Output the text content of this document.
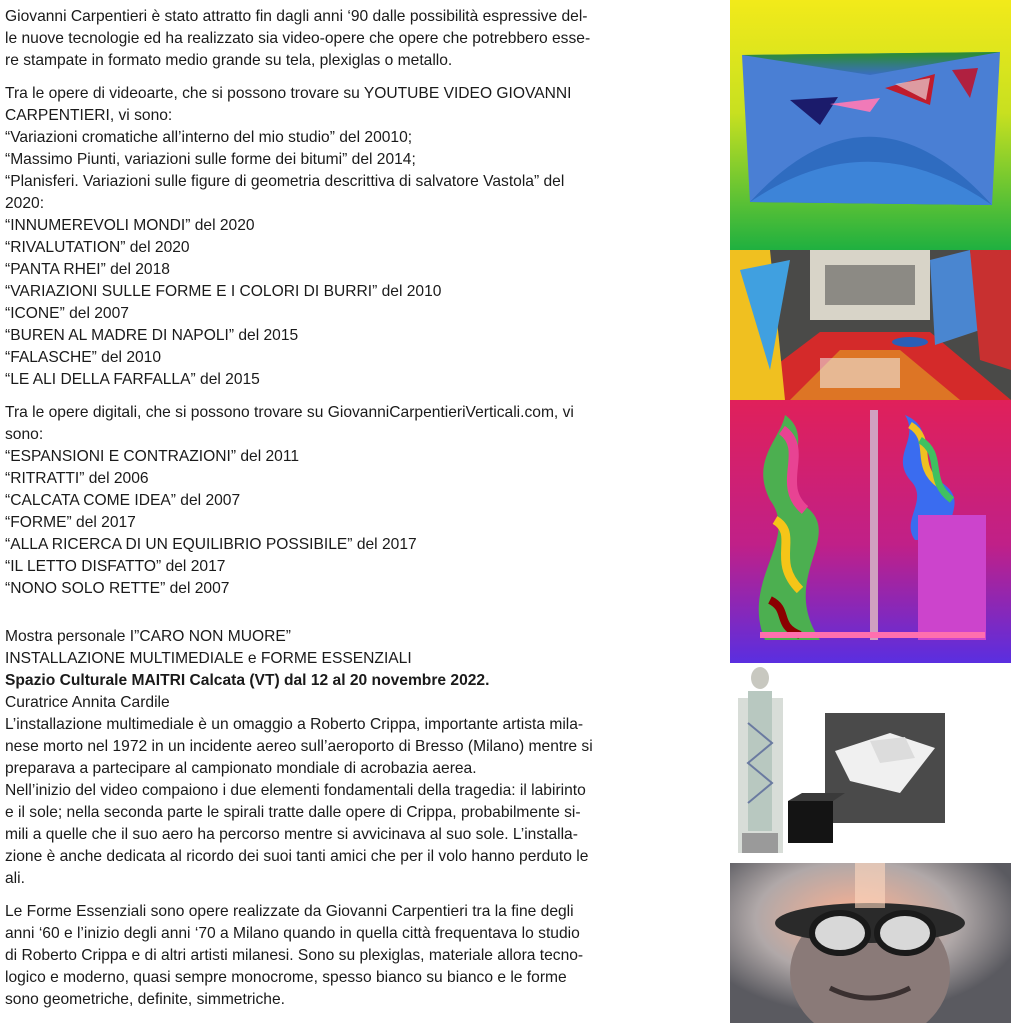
Giovanni Carpentieri è stato attratto fin dagli anni ‘90 dalle possibilità espressive del-

le nuove tecnologie ed ha realizzato sia video-opere che opere che potrebbero esse-

re stampate in formato medio grande su tela, plexiglas o metallo.

Tra le opere di videoarte, che si possono trovare su YOUTUBE VIDEO GIOVANNI

CARPENTIERI, vi sono:

“Variazioni cromatiche all’interno del mio studio” del 20010;

“Massimo Piunti, variazioni sulle forme dei bitumi” del 2014;

“Planisferi. Variazioni sulle figure di geometria descrittiva di salvatore Vastola” del

2020:

“INNUMEREVOLI MONDI” del 2020

“RIVALUTATION” del 2020

“PANTA RHEI” del 2018

“VARIAZIONI SULLE FORME E I COLORI DI BURRI” del 2010

“ICONE” del 2007

“BUREN AL MADRE DI NAPOLI” del 2015

“FALASCHE” del 2010

“LE ALI DELLA FARFALLA” del 2015

Tra le opere digitali, che si possono trovare su GiovanniCarpentieriVerticali.com, vi

sono:

“ESPANSIONI E CONTRAZIONI” del 2011

“RITRATTI” del 2006

“CALCATA COME IDEA” del 2007

“FORME” del 2017

“ALLA RICERCA DI UN EQUILIBRIO POSSIBILE” del 2017

“IL LETTO DISFATTO” del 2017

“NONO SOLO RETTE” del 2007

Mostra personale I”CARO NON MUORE”

INSTALLAZIONE MULTIMEDIALE e FORME ESSENZIALI

Spazio Culturale MAITRI Calcata (VT) dal 12 al 20 novembre 2022.

Curatrice Annita Cardile

L’installazione multimediale è un omaggio a Roberto Crippa, importante artista mila-

nese morto nel 1972 in un incidente aereo sull’aeroporto di Bresso (Milano) mentre si

preparava a partecipare al campionato mondiale di acrobazia aerea.

Nell’inizio del video compaiono i due elementi fondamentali della tragedia: il labirinto

e il sole; nella seconda parte le spirali tratte dalle opere di Crippa, probabilmente si-

mili a quelle che il suo aero ha percorso mentre si avvicinava al suo sole. L’installa-

zione è anche dedicata al ricordo dei suoi tanti amici che per il volo hanno perduto le

ali.

Le Forme Essenziali sono opere realizzate da Giovanni Carpentieri tra la fine degli

anni ‘60 e l’inizio degli anni ‘70 a Milano quando in quella città frequentava lo studio

di Roberto Crippa e di altri artisti milanesi. Sono su plexiglas, materiale allora tecno-

logico e moderno, quasi sempre monocrome, spesso bianco su bianco e le forme

sono geometriche, definite, simmetriche.
